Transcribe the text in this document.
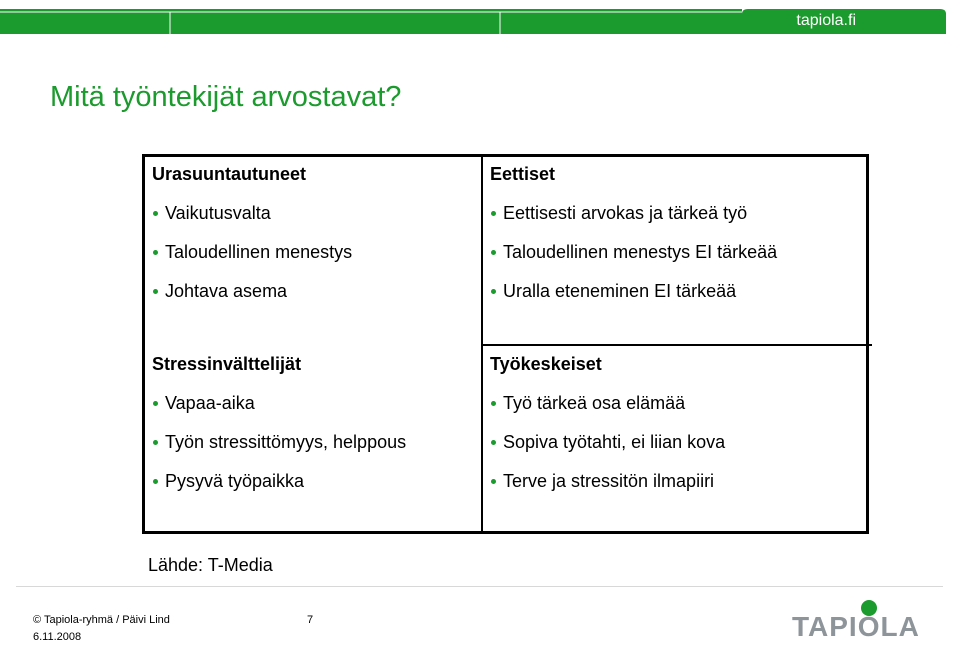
tapiola.fi
Mitä työntekijät arvostavat?
Urasuuntautuneet
Vaikutusvalta
Taloudellinen menestys
Johtava asema
Eettiset
Eettisesti arvokas ja tärkeä työ
Taloudellinen menestys EI tärkeää
Uralla eteneminen EI tärkeää
Stressinvälttelijät
Vapaa-aika
Työn stressittömyys, helppous
Pysyvä työpaikka
Työkeskeiset
Työ tärkeä osa elämää
Sopiva työtahti, ei liian kova
Terve ja stressitön ilmapiiri
Lähde: T-Media
© Tapiola-ryhmä / Päivi Lind	7
6.11.2008	TAPIOLA
